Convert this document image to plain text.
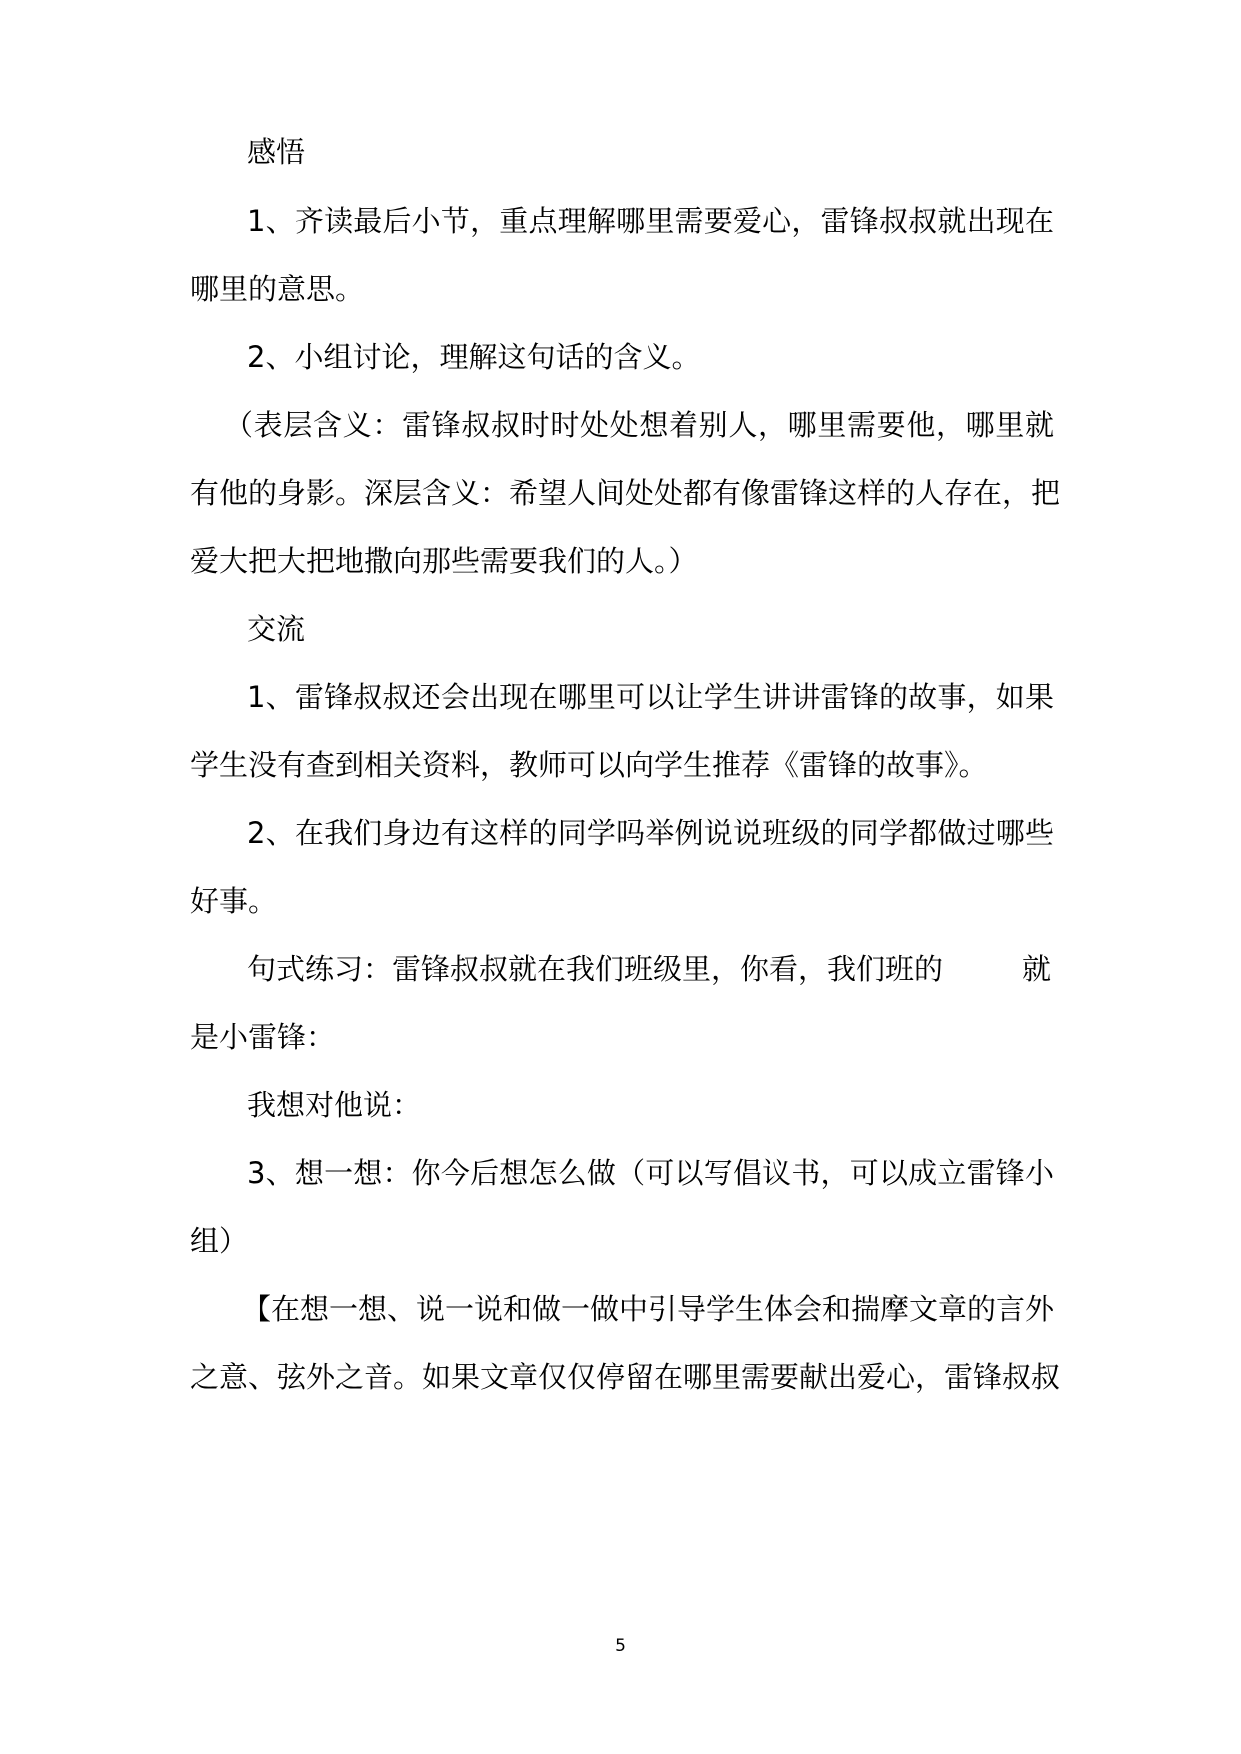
感悟
1、齐读最后小节，重点理解哪里需要爱心，雷锋叔叔就出现在
哪里的意思。
2、小组讨论，理解这句话的含义。
（表层含义：雷锋叔叔时时处处想着别人，哪里需要他，哪里就
有他的身影。深层含义：希望人间处处都有像雷锋这样的人存在，把
爱大把大把地撒向那些需要我们的人。）
交流
1、雷锋叔叔还会出现在哪里可以让学生讲讲雷锋的故事，如果
学生没有查到相关资料，教师可以向学生推荐《雷锋的故事》。
2、在我们身边有这样的同学吗举例说说班级的同学都做过哪些
好事。
句式练习：雷锋叔叔就在我们班级里，你看，我们班的	就
是小雷锋：
我想对他说：
3、想一想：你今后想怎么做（可以写倡议书，可以成立雷锋小
组）
【在想一想、说一说和做一做中引导学生体会和揣摩文章的言外
之意、弦外之音。如果文章仅仅停留在哪里需要献出爱心，雷锋叔叔
5
